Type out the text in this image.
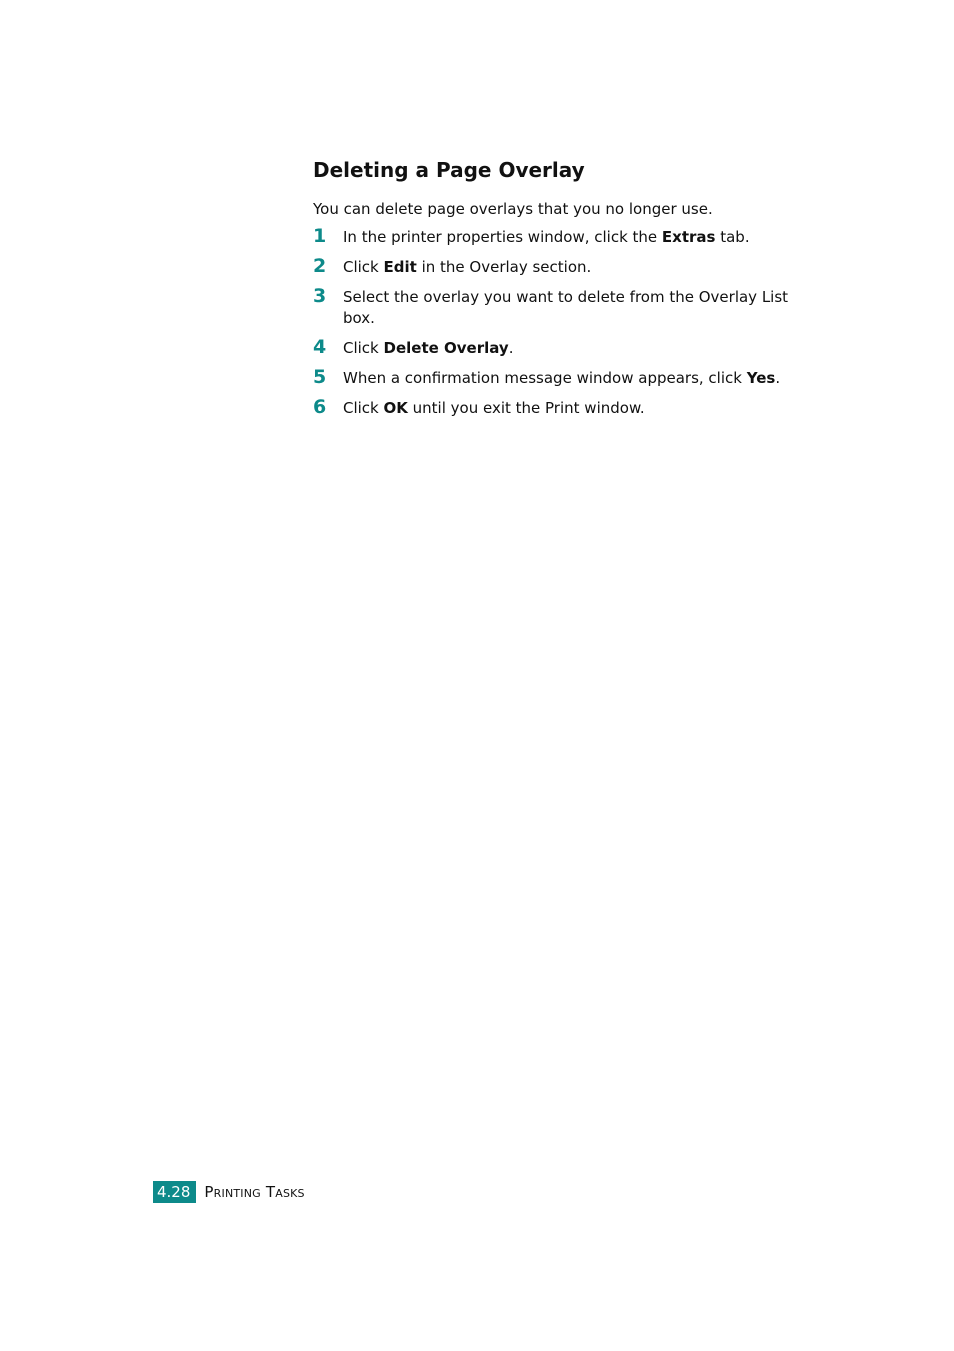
Deleting a Page Overlay

You can delete page overlays that you no longer use.

1 In the printer properties window, click the Extras tab.
2 Click Edit in the Overlay section.
3 Select the overlay you want to delete from the Overlay List box.
4 Click Delete Overlay.
5 When a confirmation message window appears, click Yes.
6 Click OK until you exit the Print window.
4.28 Printing Tasks
